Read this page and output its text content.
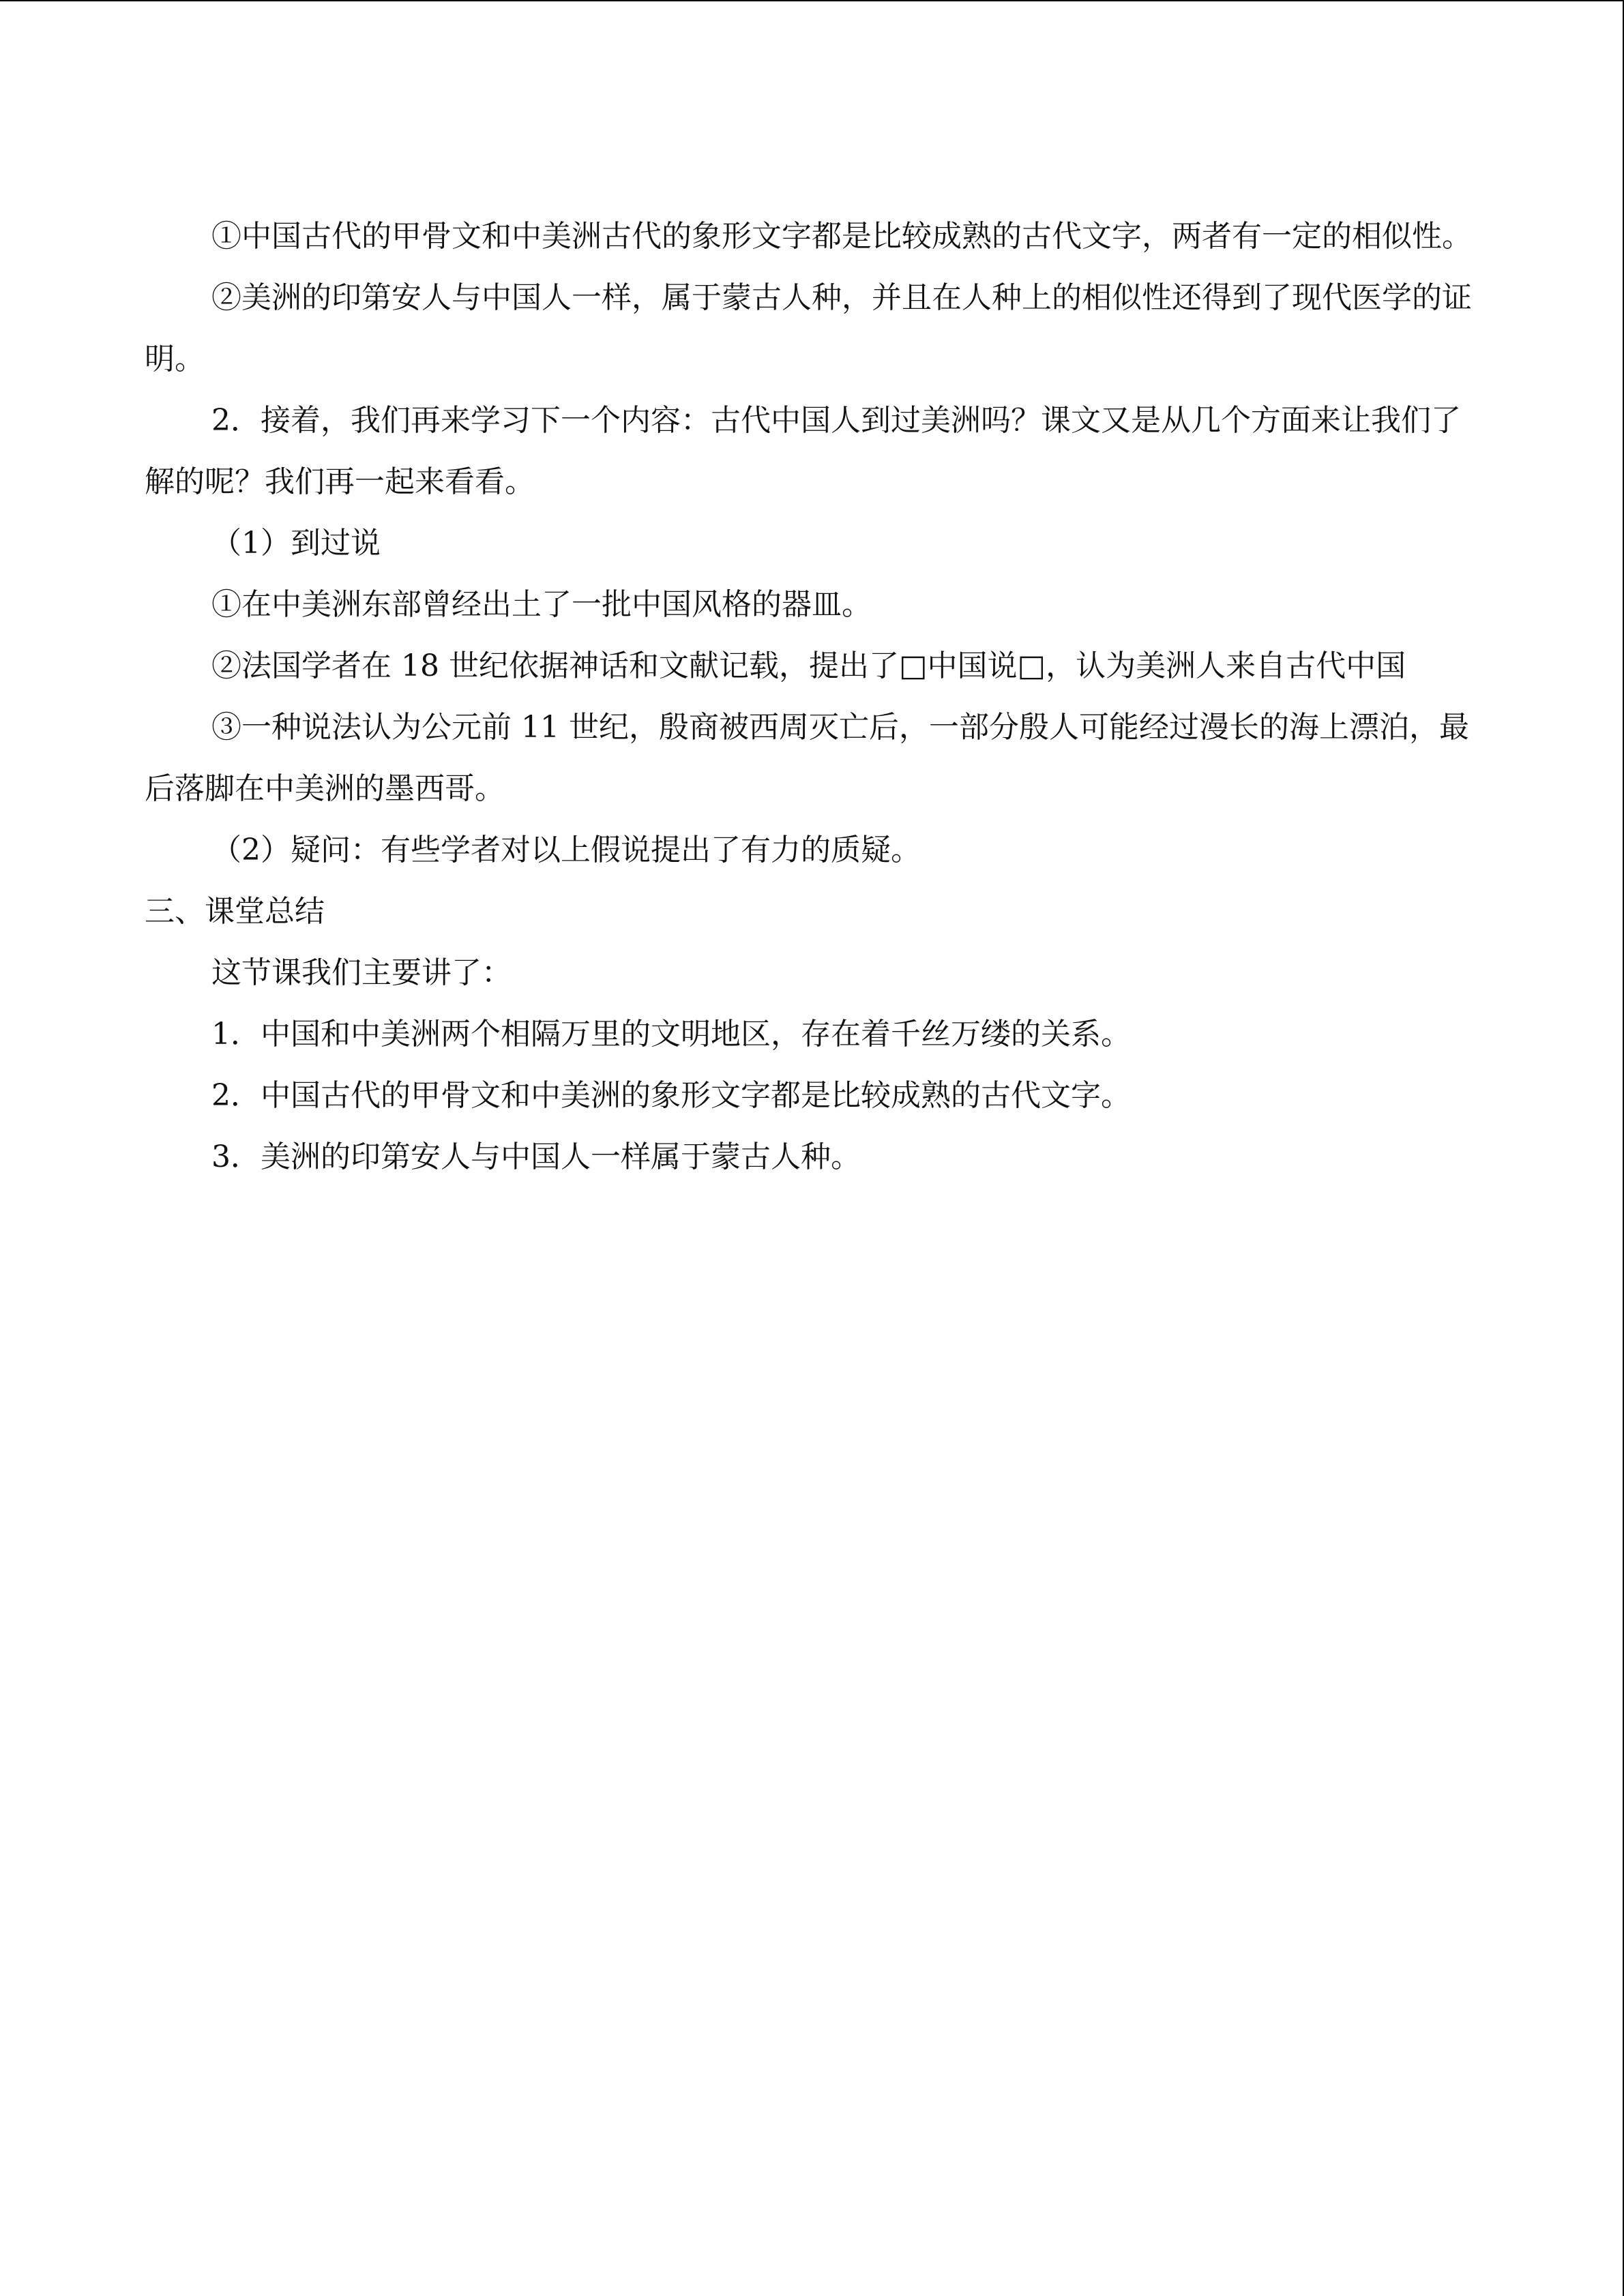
①中国古代的甲骨文和中美洲古代的象形文字都是比较成熟的古代文字，两者有一定的相似性。

②美洲的印第安人与中国人一样，属于蒙古人种，并且在人种上的相似性还得到了现代医学的证明。

2．接着，我们再来学习下一个内容：古代中国人到过美洲吗？课文又是从几个方面来让我们了解的呢？我们再一起来看看。

（1）到过说

①在中美洲东部曾经出土了一批中国风格的器皿。

②法国学者在 18 世纪依据神话和文献记载，提出了□中国说□，认为美洲人来自古代中国

③一种说法认为公元前 11 世纪，殷商被西周灭亡后，一部分殷人可能经过漫长的海上漂泊，最后落脚在中美洲的墨西哥。

（2）疑问：有些学者对以上假说提出了有力的质疑。

三、课堂总结

这节课我们主要讲了：

1．中国和中美洲两个相隔万里的文明地区，存在着千丝万缕的关系。

2．中国古代的甲骨文和中美洲的象形文字都是比较成熟的古代文字。

3．美洲的印第安人与中国人一样属于蒙古人种。
